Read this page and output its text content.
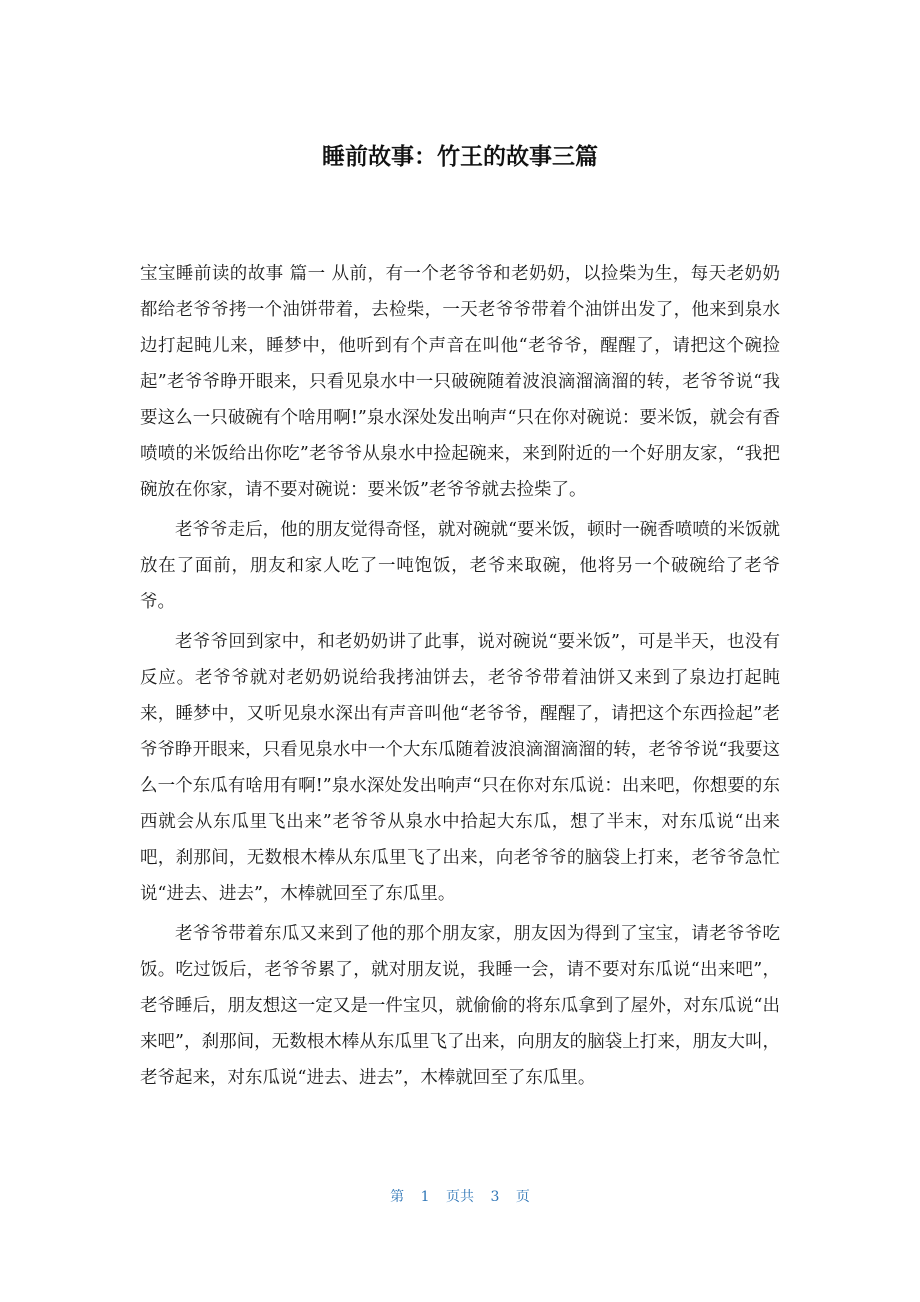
睡前故事：竹王的故事三篇

宝宝睡前读的故事 篇一 从前，有一个老爷爷和老奶奶，以捡柴为生，每天老奶奶都给老爷爷拷一个油饼带着，去检柴，一天老爷爷带着个油饼出发了，他来到泉水边打起盹儿来，睡梦中，他听到有个声音在叫他“老爷爷，醒醒了，请把这个碗捡起”老爷爷睁开眼来，只看见泉水中一只破碗随着波浪滴溜滴溜的转，老爷爷说“我要这么一只破碗有个啥用啊!”泉水深处发出响声“只在你对碗说：要米饭，就会有香喷喷的米饭给出你吃”老爷爷从泉水中捡起碗来，来到附近的一个好朋友家，“我把碗放在你家，请不要对碗说：要米饭”老爷爷就去捡柴了。

老爷爷走后，他的朋友觉得奇怪，就对碗就“要米饭，顿时一碗香喷喷的米饭就放在了面前，朋友和家人吃了一吨饱饭，老爷来取碗，他将另一个破碗给了老爷爷。

老爷爷回到家中，和老奶奶讲了此事，说对碗说“要米饭”，可是半天，也没有反应。老爷爷就对老奶奶说给我拷油饼去，老爷爷带着油饼又来到了泉边打起盹来，睡梦中，又听见泉水深出有声音叫他“老爷爷，醒醒了，请把这个东西捡起”老爷爷睁开眼来，只看见泉水中一个大东瓜随着波浪滴溜滴溜的转，老爷爷说“我要这么一个东瓜有啥用有啊!”泉水深处发出响声“只在你对东瓜说：出来吧，你想要的东西就会从东瓜里飞出来”老爷爷从泉水中拾起大东瓜，想了半末，对东瓜说“出来吧，刹那间，无数根木棒从东瓜里飞了出来，向老爷爷的脑袋上打来，老爷爷急忙说“进去、进去”，木棒就回至了东瓜里。

老爷爷带着东瓜又来到了他的那个朋友家，朋友因为得到了宝宝，请老爷爷吃饭。吃过饭后，老爷爷累了，就对朋友说，我睡一会，请不要对东瓜说“出来吧”，老爷睡后，朋友想这一定又是一件宝贝，就偷偷的将东瓜拿到了屋外，对东瓜说“出来吧”，刹那间，无数根木棒从东瓜里飞了出来，向朋友的脑袋上打来，朋友大叫，老爷起来，对东瓜说“进去、进去”，木棒就回至了东瓜里。

第 1 页共 3 页
